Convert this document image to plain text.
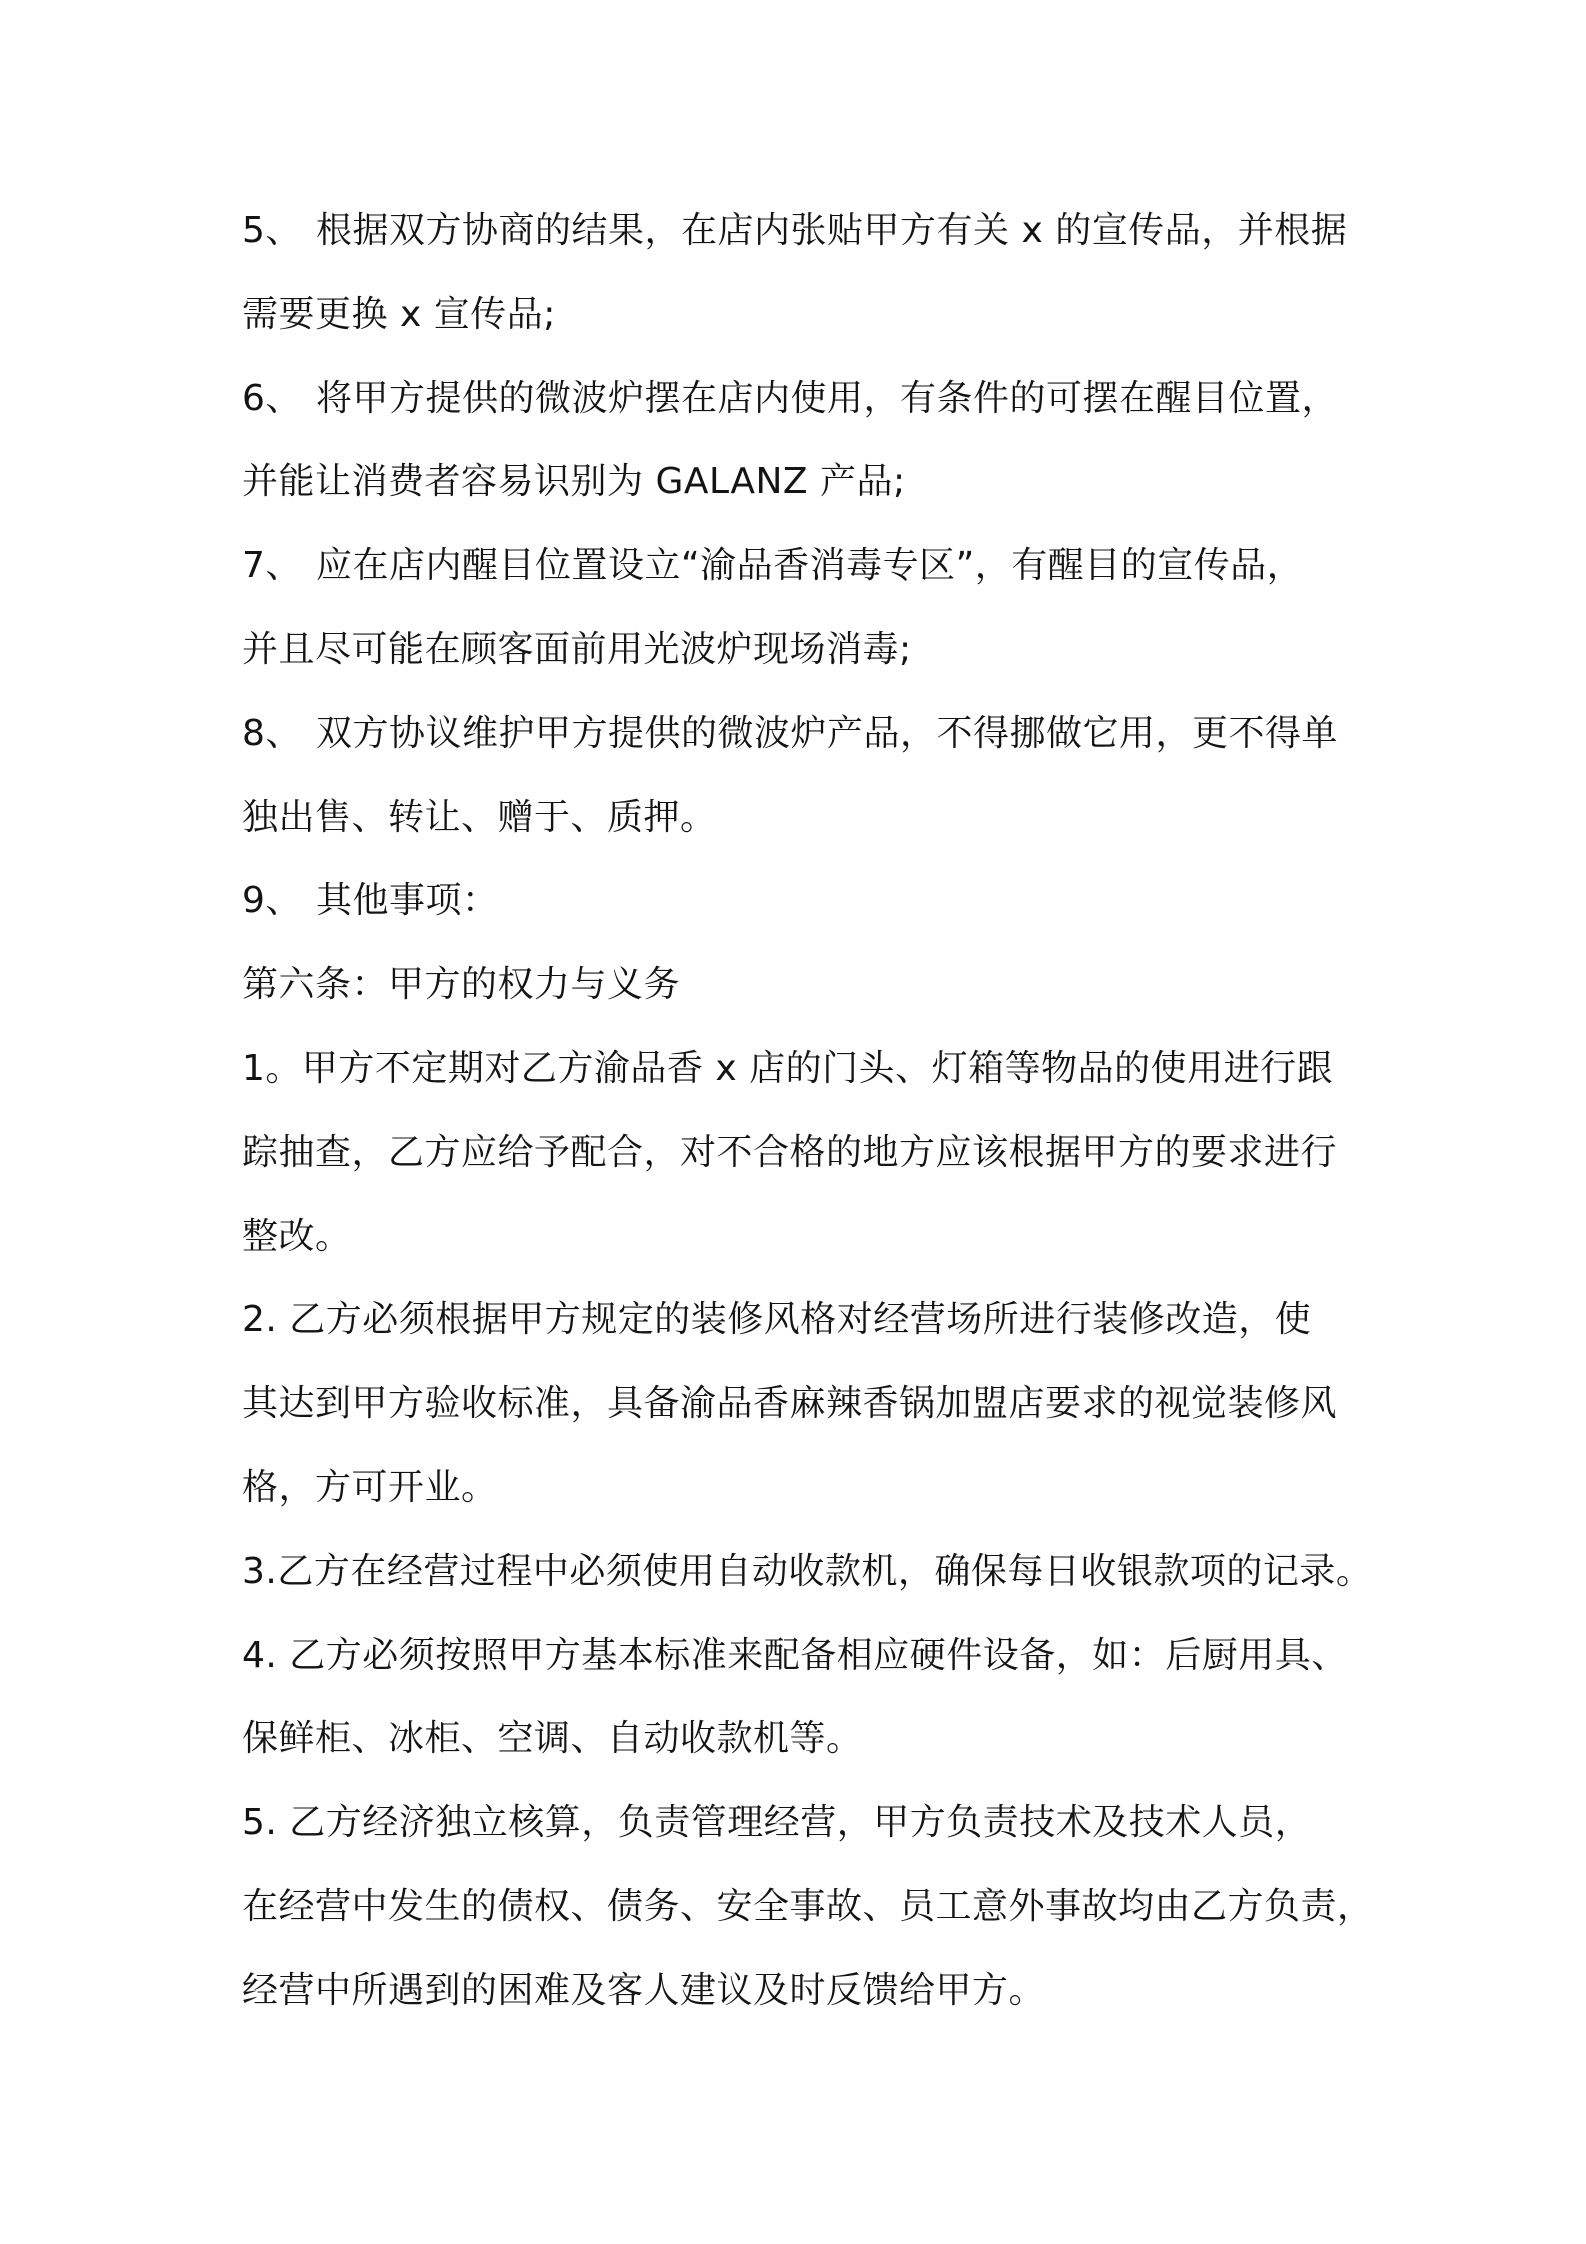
5、 根据双方协商的结果，在店内张贴甲方有关 x 的宣传品，并根据
需要更换 x 宣传品;
6、 将甲方提供的微波炉摆在店内使用，有条件的可摆在醒目位置，
并能让消费者容易识别为 GALANZ 产品;
7、 应在店内醒目位置设立“渝品香消毒专区”，有醒目的宣传品，
并且尽可能在顾客面前用光波炉现场消毒;
8、 双方协议维护甲方提供的微波炉产品，不得挪做它用，更不得单
独出售、转让、赠于、质押。
9、 其他事项：
第六条：甲方的权力与义务
1。甲方不定期对乙方渝品香 x 店的门头、灯箱等物品的使用进行跟
踪抽查，乙方应给予配合，对不合格的地方应该根据甲方的要求进行
整改。
2. 乙方必须根据甲方规定的装修风格对经营场所进行装修改造，使
其达到甲方验收标准，具备渝品香麻辣香锅加盟店要求的视觉装修风
格，方可开业。
3.乙方在经营过程中必须使用自动收款机，确保每日收银款项的记录。
4. 乙方必须按照甲方基本标准来配备相应硬件设备，如：后厨用具、
保鲜柜、冰柜、空调、自动收款机等。
5. 乙方经济独立核算，负责管理经营，甲方负责技术及技术人员，
在经营中发生的债权、债务、安全事故、员工意外事故均由乙方负责，
经营中所遇到的困难及客人建议及时反馈给甲方。
